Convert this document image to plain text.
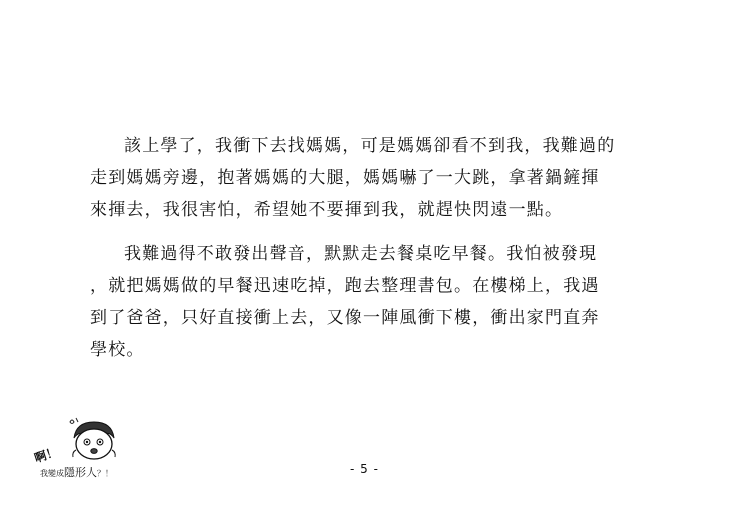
該上學了，我衝下去找媽媽，可是媽媽卻看不到我，我難過的
走到媽媽旁邊，抱著媽媽的大腿，媽媽嚇了一大跳，拿著鍋鏟揮
來揮去，我很害怕，希望她不要揮到我，就趕快閃遠一點。
我難過得不敢發出聲音，默默走去餐桌吃早餐。我怕被發現
，就把媽媽做的早餐迅速吃掉，跑去整理書包。在樓梯上，我遇
到了爸爸，只好直接衝上去，又像一陣風衝下樓，衝出家門直奔
學校。
啊！
我變成隱形人？！	- 5 -
